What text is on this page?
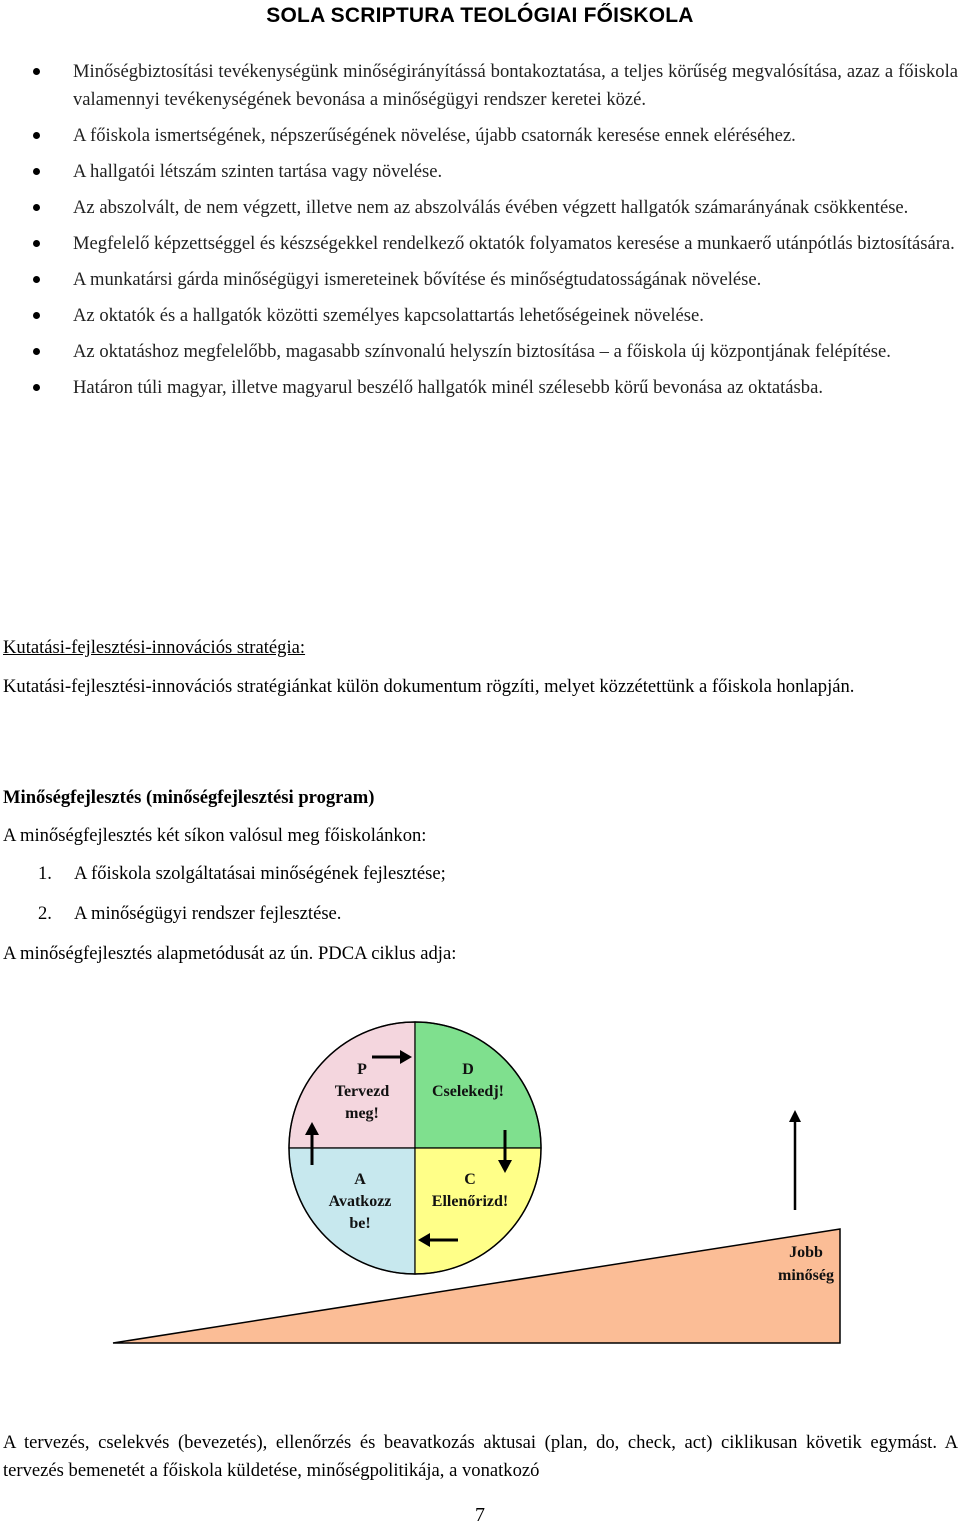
SOLA SCRIPTURA TEOLÓGIAI FŐISKOLA
Minőségbiztosítási tevékenységünk minőségirányítássá bontakoztatása, a teljes körűség megvalósítása, azaz a főiskola valamennyi tevékenységének bevonása a minőségügyi rendszer keretei közé.
A főiskola ismertségének, népszerűségének növelése, újabb csatornák keresése ennek eléréséhez.
A hallgatói létszám szinten tartása vagy növelése.
Az abszolvált, de nem végzett, illetve nem az abszolválás évében végzett hallgatók számarányának csökkentése.
Megfelelő képzettséggel és készségekkel rendelkező oktatók folyamatos keresése a munkaerő utánpótlás biztosítására.
A munkatársi gárda minőségügyi ismereteinek bővítése és minőségtudatosságának növelése.
Az oktatók és a hallgatók közötti személyes kapcsolattartás lehetőségeinek növelése.
Az oktatáshoz megfelelőbb, magasabb színvonalú helyszín biztosítása – a főiskola új központjának felépítése.
Határon túli magyar, illetve magyarul beszélő hallgatók minél szélesebb körű bevonása az oktatásba.
Kutatási-fejlesztési-innovációs stratégia:
Kutatási-fejlesztési-innovációs stratégiánkat külön dokumentum rögzíti, melyet közzétettünk a főiskola honlapján.
Minőségfejlesztés (minőségfejlesztési program)
A minőségfejlesztés két síkon valósul meg főiskolánkon:
1. A főiskola szolgáltatásai minőségének fejlesztése;
2. A minőségügyi rendszer fejlesztése.
A minőségfejlesztés alapmetódusát az ún. PDCA ciklus adja:
P
Tervezd
meg!
D
Cselekedj!
A
Avatkozz
be!
C
Ellenőrizd!
Jobb
minőség
A tervezés, cselekvés (bevezetés), ellenőrzés és beavatkozás aktusai (plan, do, check, act) ciklikusan követik egymást. A tervezés bemenetét a főiskola küldetése, minőségpolitikája, a vonatkozó
7
